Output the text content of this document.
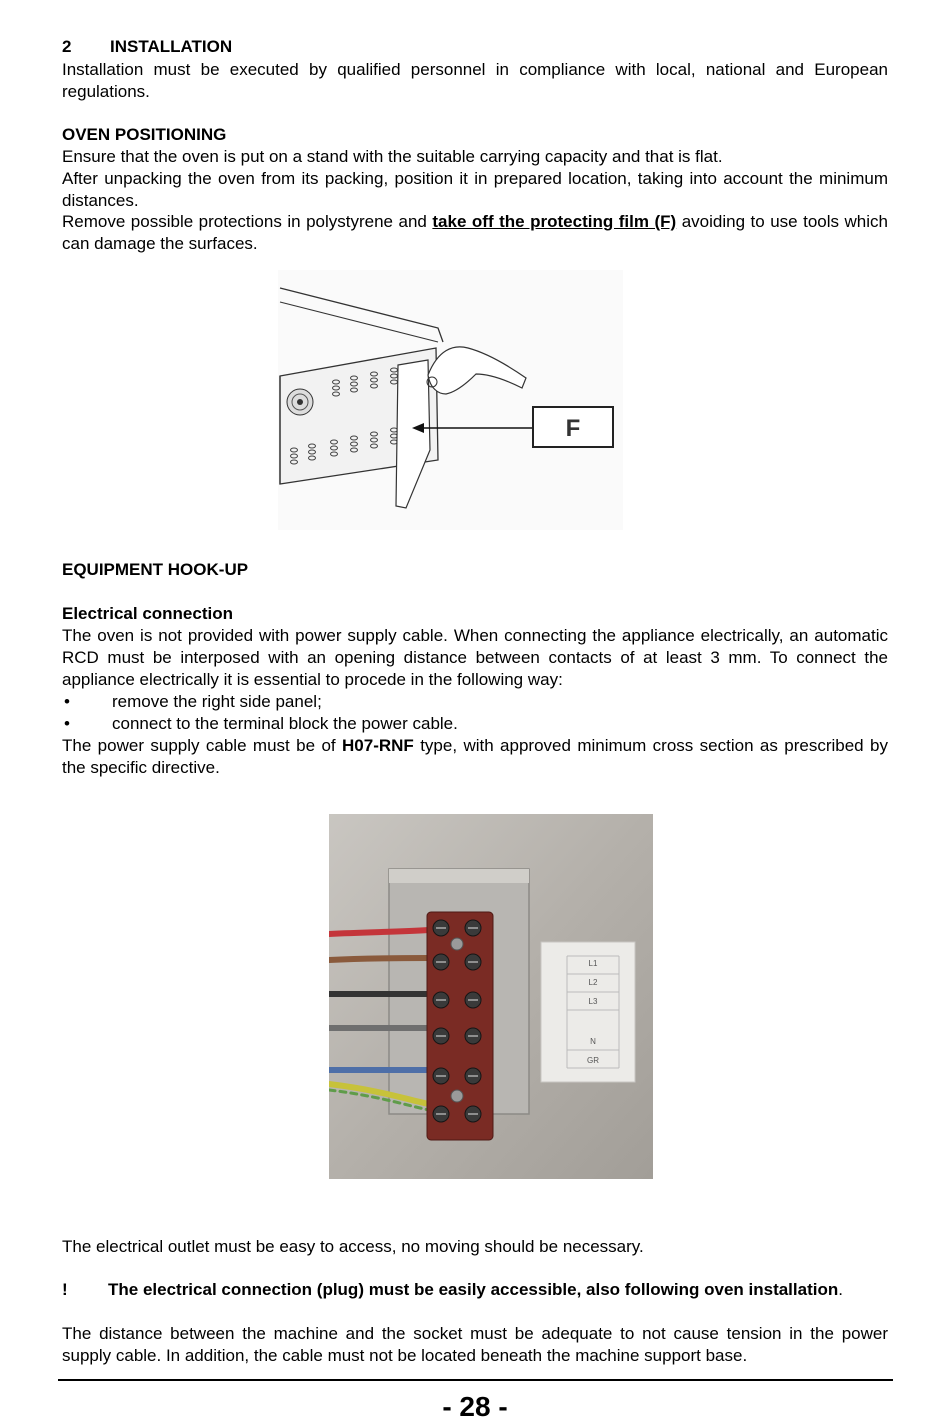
2 INSTALLATION
Installation must be executed by qualified personnel in compliance with local, national and European regulations.
OVEN POSITIONING
Ensure that the oven is put on a stand with the suitable carrying capacity and that is flat.
After unpacking the oven from its packing, position it in prepared location, taking into account the minimum distances.
Remove possible protections in polystyrene and take off the protecting film (F) avoiding to use tools which can damage the surfaces.
F
EQUIPMENT HOOK-UP
Electrical connection
The oven is not provided with power supply cable. When connecting the appliance electrically, an automatic RCD must be interposed with an opening distance between contacts of at least 3 mm. To connect the appliance electrically it is essential to procede in the following way:
• remove the right side panel;
• connect to the terminal block the power cable.
The power supply cable must be of H07-RNF type, with approved minimum cross section as prescribed by the specific directive.
L1
L2
L3
N
GR
The electrical outlet must be easy to access, no moving should be necessary.
! The electrical connection (plug) must be easily accessible, also following oven installation.
The distance between the machine and the socket must be adequate to not cause tension in the power supply cable. In addition, the cable must not be located beneath the machine support base.
- 28 -
